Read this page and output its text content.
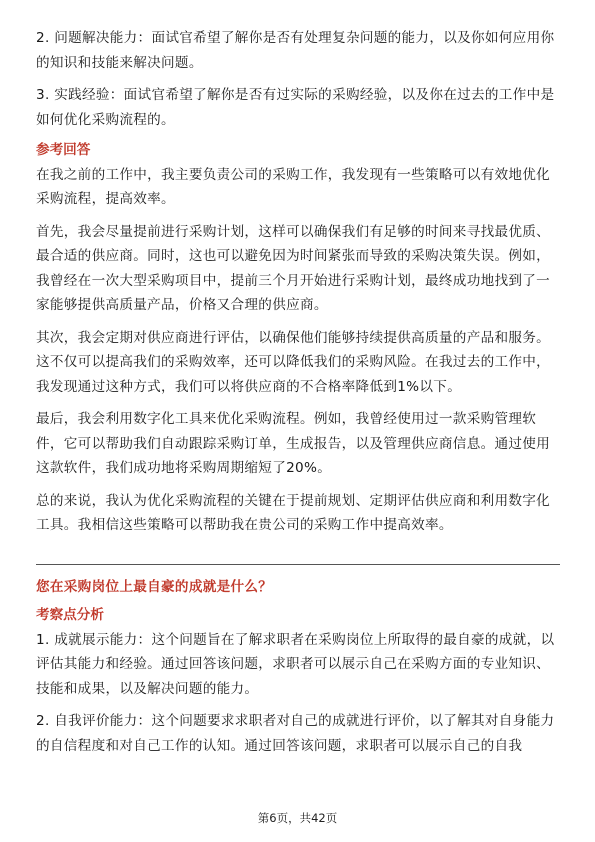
2. 问题解决能力：面试官希望了解你是否有处理复杂问题的能力，以及你如何应用你的知识和技能来解决问题。

3. 实践经验：面试官希望了解你是否有过实际的采购经验，以及你在过去的工作中是如何优化采购流程的。

参考回答

在我之前的工作中，我主要负责公司的采购工作，我发现有一些策略可以有效地优化采购流程，提高效率。

首先，我会尽量提前进行采购计划，这样可以确保我们有足够的时间来寻找最优质、最合适的供应商。同时，这也可以避免因为时间紧张而导致的采购决策失误。例如，我曾经在一次大型采购项目中，提前三个月开始进行采购计划，最终成功地找到了一家能够提供高质量产品，价格又合理的供应商。

其次，我会定期对供应商进行评估，以确保他们能够持续提供高质量的产品和服务。这不仅可以提高我们的采购效率，还可以降低我们的采购风险。在我过去的工作中，我发现通过这种方式，我们可以将供应商的不合格率降低到1%以下。

最后，我会利用数字化工具来优化采购流程。例如，我曾经使用过一款采购管理软件，它可以帮助我们自动跟踪采购订单，生成报告，以及管理供应商信息。通过使用这款软件，我们成功地将采购周期缩短了20%。

总的来说，我认为优化采购流程的关键在于提前规划、定期评估供应商和利用数字化工具。我相信这些策略可以帮助我在贵公司的采购工作中提高效率。

您在采购岗位上最自豪的成就是什么？

考察点分析

1. 成就展示能力：这个问题旨在了解求职者在采购岗位上所取得的最自豪的成就，以评估其能力和经验。通过回答该问题，求职者可以展示自己在采购方面的专业知识、技能和成果，以及解决问题的能力。

2. 自我评价能力：这个问题要求求职者对自己的成就进行评价，以了解其对自身能力的自信程度和对自己工作的认知。通过回答该问题，求职者可以展示自己的自我

第6页，共42页
